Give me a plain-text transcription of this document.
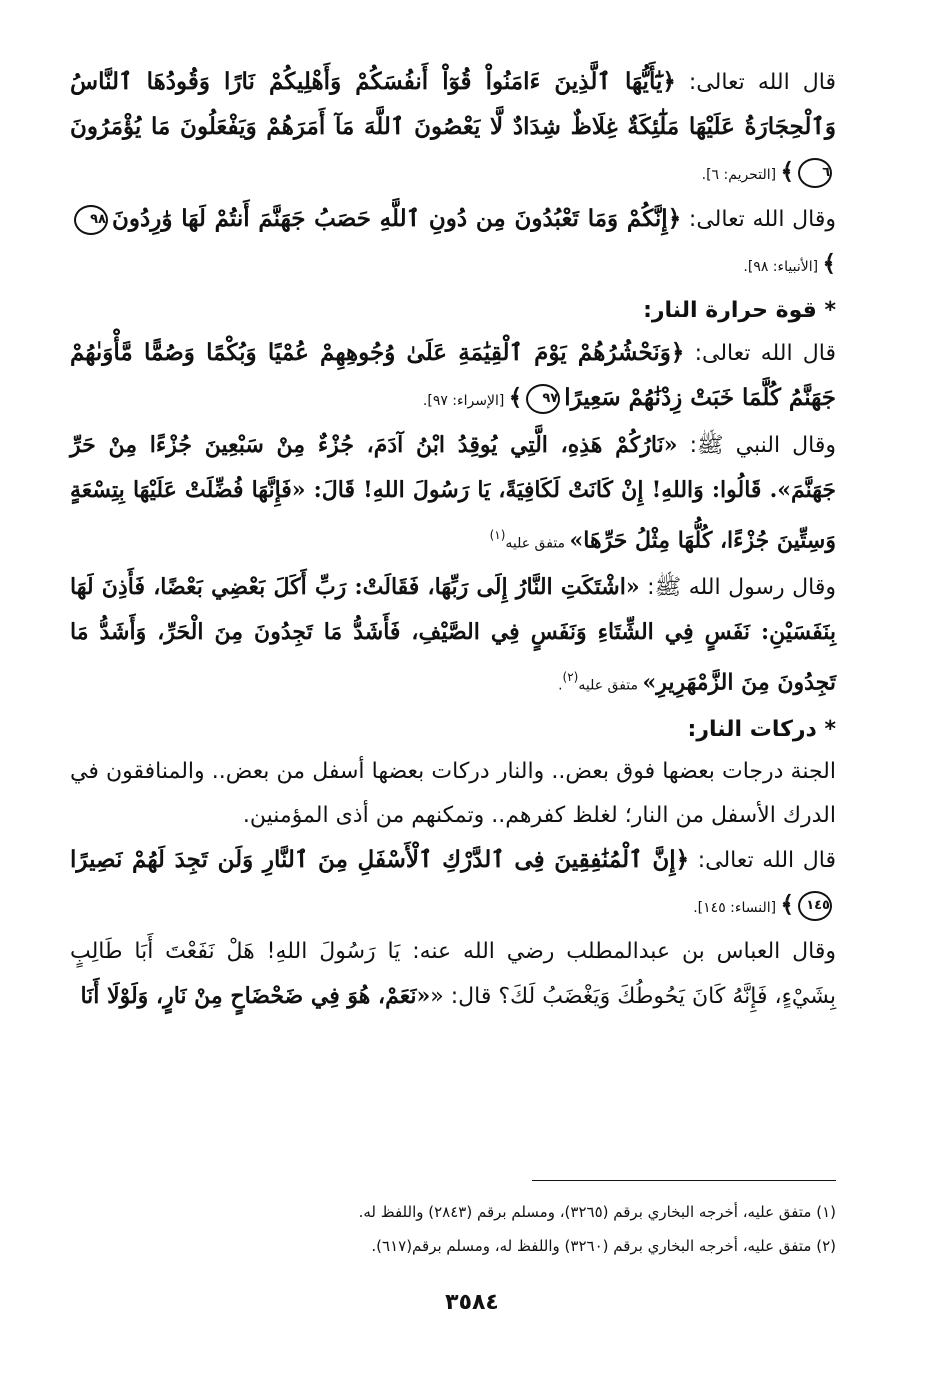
قال الله تعالى: ﴿يَٰٓأَيُّهَا ٱلَّذِينَ ءَامَنُواْ قُوٓاْ أَنفُسَكُمْ وَأَهْلِيكُمْ نَارًا وَقُودُهَا ٱلنَّاسُ وَٱلْحِجَارَةُ عَلَيْهَا مَلَٰٓئِكَةٌ غِلَاظٌ شِدَادٌ لَّا يَعْصُونَ ٱللَّهَ مَآ أَمَرَهُمْ وَيَفْعَلُونَ مَا يُؤْمَرُونَ٦﴾ [التحريم: ٦].

وقال الله تعالى: ﴿إِنَّكُمْ وَمَا تَعْبُدُونَ مِن دُونِ ٱللَّهِ حَصَبُ جَهَنَّمَ أَنتُمْ لَهَا وَٰرِدُونَ٩٨﴾ [الأنبياء: ٩٨].

* قوة حرارة النار:

قال الله تعالى: ﴿وَنَحْشُرُهُمْ يَوْمَ ٱلْقِيَٰمَةِ عَلَىٰ وُجُوهِهِمْ عُمْيًا وَبُكْمًا وَصُمًّا مَّأْوَىٰهُمْ جَهَنَّمُ كُلَّمَا خَبَتْ زِدْنَٰهُمْ سَعِيرًا٩٧﴾ [الإسراء: ٩٧].

وقال النبي ﷺ: «نَارُكُمْ هَذِهِ، الَّتِي يُوقِدُ ابْنُ آدَمَ، جُزْءٌ مِنْ سَبْعِينَ جُزْءًا مِنْ حَرِّ جَهَنَّمَ». قَالُوا: وَاللهِ! إِنْ كَانَتْ لَكَافِيَةً، يَا رَسُولَ اللهِ! قَالَ: «فَإِنَّهَا فُضِّلَتْ عَلَيْهَا بِتِسْعَةٍ وَسِتِّينَ جُزْءًا، كُلُّهَا مِثْلُ حَرِّهَا» متفق عليه$^{(١)}$

وقال رسول الله ﷺ: «اشْتَكَتِ النَّارُ إِلَى رَبِّهَا، فَقَالَتْ: رَبِّ أَكَلَ بَعْضِي بَعْضًا، فَأَذِنَ لَهَا بِنَفَسَيْنِ: نَفَسٍ فِي الشِّتَاءِ وَنَفَسٍ فِي الصَّيْفِ، فَأَشَدُّ مَا تَجِدُونَ مِنَ الْحَرِّ، وَأَشَدُّ مَا تَجِدُونَ مِنَ الزَّمْهَرِيرِ» متفق عليه$^{(٢)}$.

* دركات النار:

الجنة درجات بعضها فوق بعض.. والنار دركات بعضها أسفل من بعض.. والمنافقون في الدرك الأسفل من النار؛ لغلظ كفرهم.. وتمكنهم من أذى المؤمنين.

قال الله تعالى: ﴿إِنَّ ٱلْمُنَٰفِقِينَ فِى ٱلدَّرْكِ ٱلْأَسْفَلِ مِنَ ٱلنَّارِ وَلَن تَجِدَ لَهُمْ نَصِيرًا١٤٥﴾ [النساء: ١٤٥].

وقال العباس بن عبدالمطلب رضي الله عنه: يَا رَسُولَ اللهِ! هَلْ نَفَعْتَ أَبَا طَالِبٍ بِشَيْءٍ، فَإِنَّهُ كَانَ يَحُوطُكَ وَيَغْضَبُ لَكَ؟ قال: ««نَعَمْ، هُوَ فِي ضَحْضَاحٍ مِنْ نَارٍ، وَلَوْلَا أَنَا

(١) متفق عليه، أخرجه البخاري برقم (٣٢٦٥)، ومسلم برقم (٢٨٤٣) واللفظ له.

(٢) متفق عليه، أخرجه البخاري برقم (٣٢٦٠) واللفظ له، ومسلم برقم(٦١٧).

٣٥٨٤
